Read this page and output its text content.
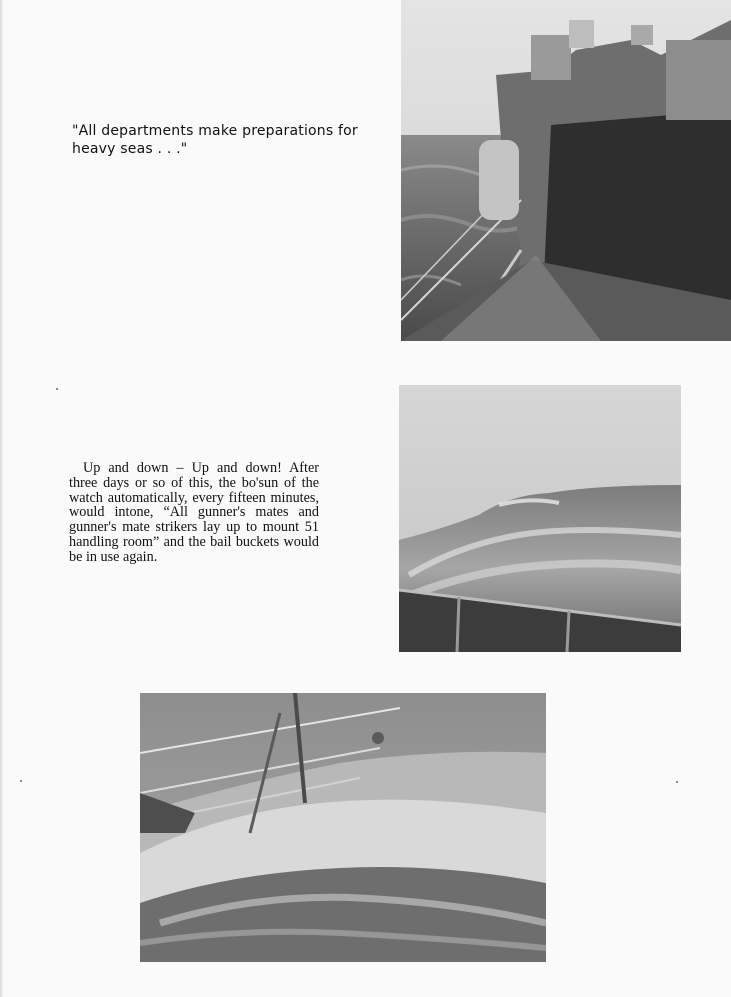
"All departments make preparations for heavy seas . . ."

Up and down – Up and down! After three days or so of this, the bo'sun of the watch automatically, every fifteen minutes, would intone, “All gunner's mates and gunner's mate strikers lay up to mount 51 handling room” and the bail buckets would be in use again.
